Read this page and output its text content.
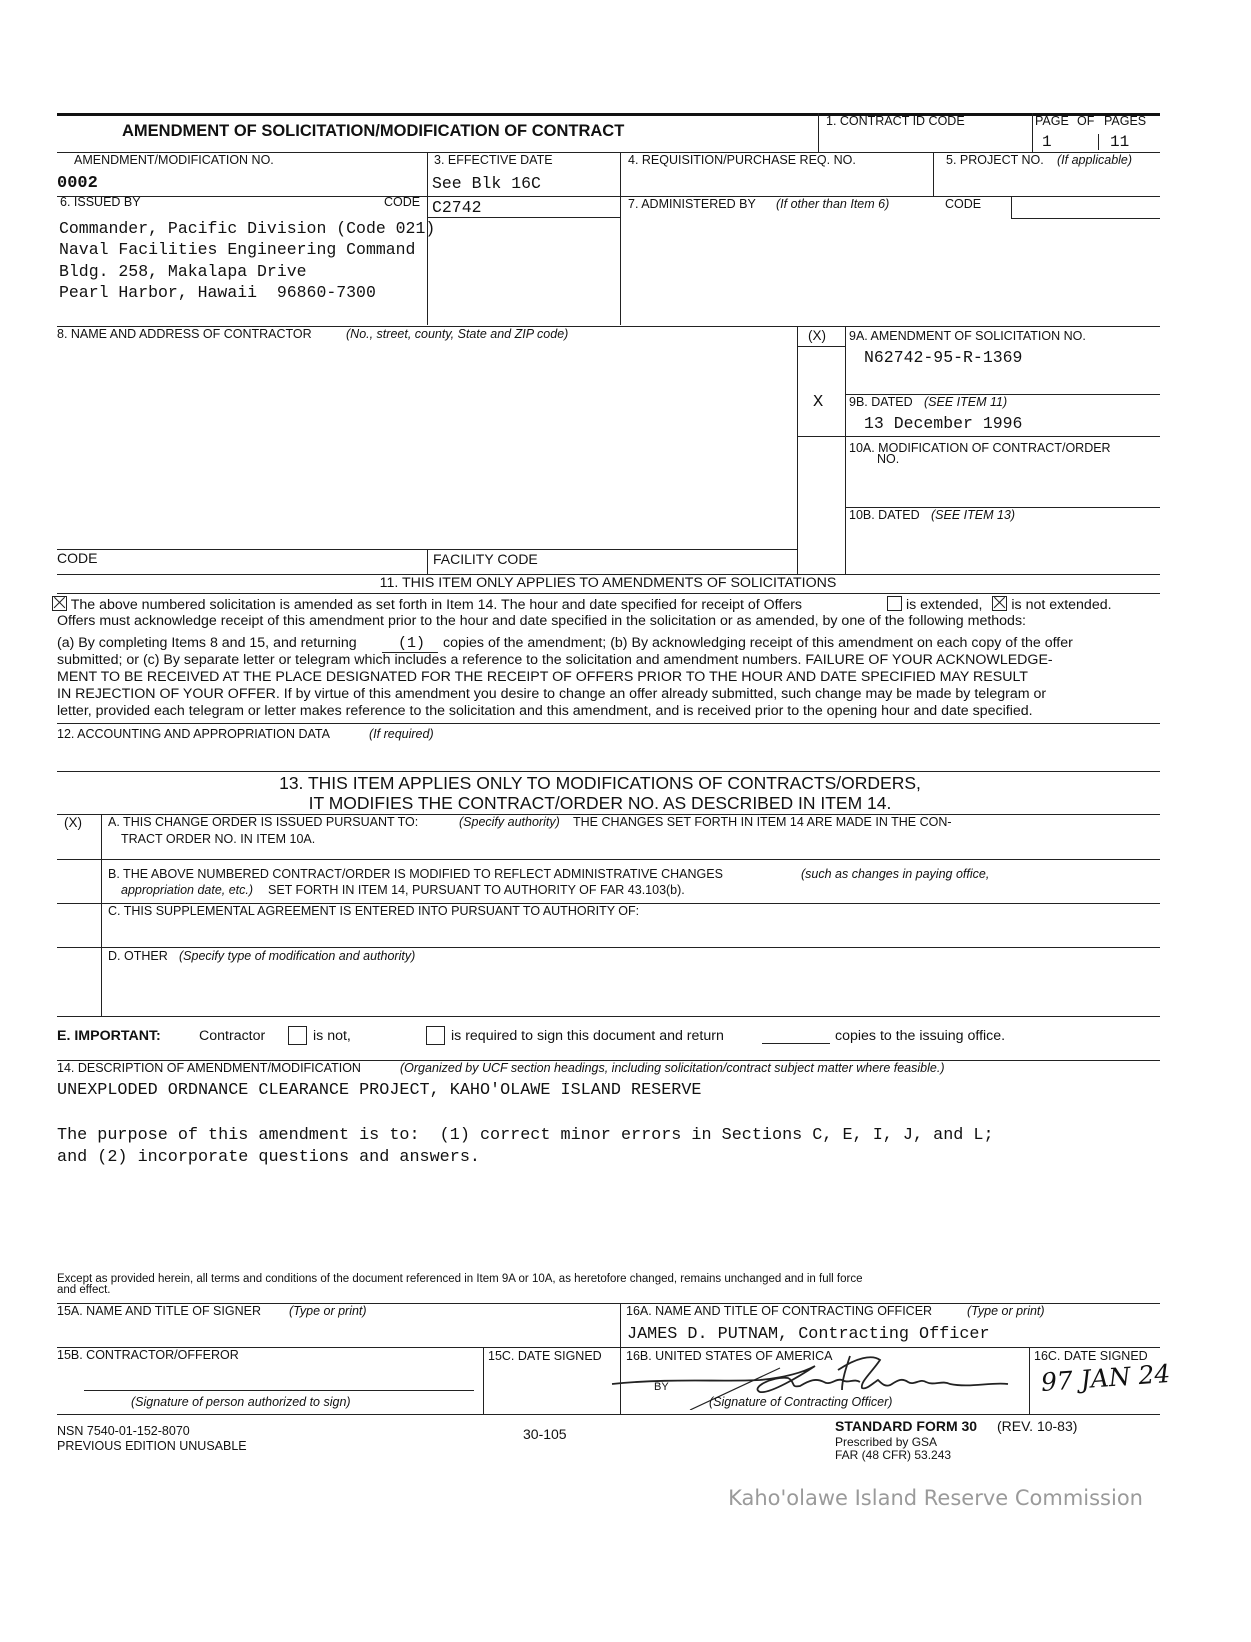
AMENDMENT OF SOLICITATION/MODIFICATION OF CONTRACT
1. CONTRACT ID CODE	PAGE OF PAGES
1	11
AMENDMENT/MODIFICATION NO.
0002
3. EFFECTIVE DATE
See Blk 16C
4. REQUISITION/PURCHASE REQ. NO.	5. PROJECT NO. (If applicable)
6. ISSUED BY	CODE C2742	7. ADMINISTERED BY (If other than Item 6)	CODE
Commander, Pacific Division (Code 021)
Naval Facilities Engineering Command
Bldg. 258, Makalapa Drive
Pearl Harbor, Hawaii  96860-7300
8. NAME AND ADDRESS OF CONTRACTOR	(No., street, county, State and ZIP code)	(X) 9A. AMENDMENT OF SOLICITATION NO.
N62742-95-R-1369
X 9B. DATED (SEE ITEM 11)
13 December 1996
10A. MODIFICATION OF CONTRACT/ORDER
NO.
10B. DATED (SEE ITEM 13)
CODE	FACILITY CODE
11. THIS ITEM ONLY APPLIES TO AMENDMENTS OF SOLICITATIONS
The above numbered solicitation is amended as set forth in Item 14. The hour and date specified for receipt of Offers	is extended, is not extended.
Offers must acknowledge receipt of this amendment prior to the hour and date specified in the solicitation or as amended, by one of the following methods:
(a) By completing Items 8 and 15, and returning	(1) copies of the amendment; (b) By acknowledging receipt of this amendment on each copy of the offer
submitted; or (c) By separate letter or telegram which includes a reference to the solicitation and amendment numbers. FAILURE OF YOUR ACKNOWLEDGE-
MENT TO BE RECEIVED AT THE PLACE DESIGNATED FOR THE RECEIPT OF OFFERS PRIOR TO THE HOUR AND DATE SPECIFIED MAY RESULT
IN REJECTION OF YOUR OFFER. If by virtue of this amendment you desire to change an offer already submitted, such change may be made by telegram or
letter, provided each telegram or letter makes reference to the solicitation and this amendment, and is received prior to the opening hour and date specified.
12. ACCOUNTING AND APPROPRIATION DATA	(If required)
13. THIS ITEM APPLIES ONLY TO MODIFICATIONS OF CONTRACTS/ORDERS,
IT MODIFIES THE CONTRACT/ORDER NO. AS DESCRIBED IN ITEM 14.
(X) A. THIS CHANGE ORDER IS ISSUED PURSUANT TO:	(Specify authority) THE CHANGES SET FORTH IN ITEM 14 ARE MADE IN THE CON-
TRACT ORDER NO. IN ITEM 10A.
B. THE ABOVE NUMBERED CONTRACT/ORDER IS MODIFIED TO REFLECT ADMINISTRATIVE CHANGES	(such as changes in paying office,
appropriation date, etc.) SET FORTH IN ITEM 14, PURSUANT TO AUTHORITY OF FAR 43.103(b).
C. THIS SUPPLEMENTAL AGREEMENT IS ENTERED INTO PURSUANT TO AUTHORITY OF:
D. OTHER (Specify type of modification and authority)
E. IMPORTANT:	Contractor	is not,	is required to sign this document and return	copies to the issuing office.
14. DESCRIPTION OF AMENDMENT/MODIFICATION	(Organized by UCF section headings, including solicitation/contract subject matter where feasible.)
UNEXPLODED ORDNANCE CLEARANCE PROJECT, KAHO'OLAWE ISLAND RESERVE
The purpose of this amendment is to:  (1) correct minor errors in Sections C, E, I, J, and L;
and (2) incorporate questions and answers.
Except as provided herein, all terms and conditions of the document referenced in Item 9A or 10A, as heretofore changed, remains unchanged and in full force
and effect.
15A. NAME AND TITLE OF SIGNER (Type or print)	16A. NAME AND TITLE OF CONTRACTING OFFICER	(Type or print)
JAMES D. PUTNAM, Contracting Officer
15B. CONTRACTOR/OFFEROR
(Signature of person authorized to sign)
15C. DATE SIGNED 16B. UNITED STATES OF AMERICA
BY
(Signature of Contracting Officer)
16C. DATE SIGNED
97 JAN 24
NSN 7540-01-152-8070
PREVIOUS EDITION UNUSABLE
30-105	STANDARD FORM 30 (REV. 10-83)
Prescribed by GSA
FAR (48 CFR) 53.243
Kaho'olawe Island Reserve Commission
